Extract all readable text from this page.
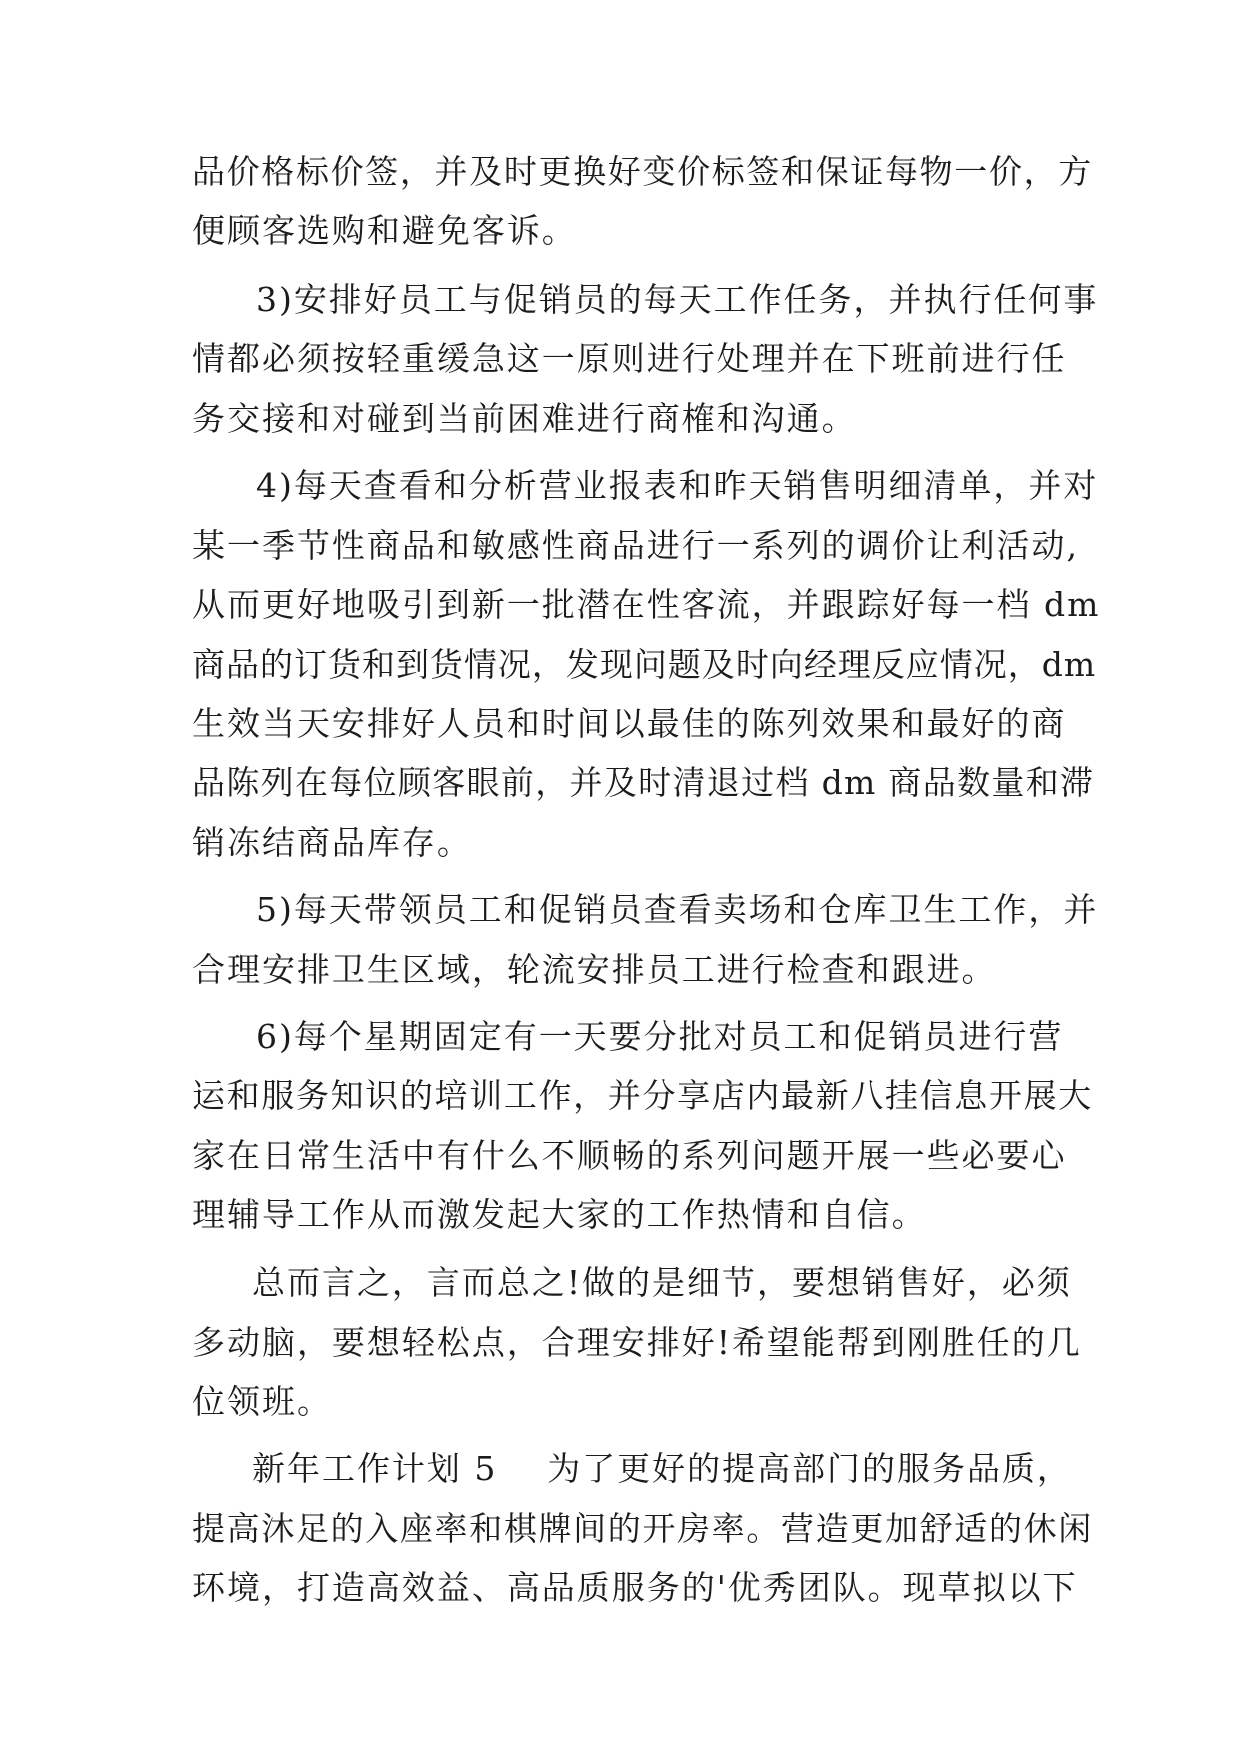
品价格标价签，并及时更换好变价标签和保证每物一价，方
便顾客选购和避免客诉。
3)安排好员工与促销员的每天工作任务，并执行任何事
情都必须按轻重缓急这一原则进行处理并在下班前进行任
务交接和对碰到当前困难进行商榷和沟通。
4)每天查看和分析营业报表和昨天销售明细清单，并对
某一季节性商品和敏感性商品进行一系列的调价让利活动,
从而更好地吸引到新一批潜在性客流，并跟踪好每一档 dm
商品的订货和到货情况，发现问题及时向经理反应情况，dm
生效当天安排好人员和时间以最佳的陈列效果和最好的商
品陈列在每位顾客眼前，并及时清退过档 dm 商品数量和滞
销冻结商品库存。
5)每天带领员工和促销员查看卖场和仓库卫生工作，并
合理安排卫生区域，轮流安排员工进行检查和跟进。
6)每个星期固定有一天要分批对员工和促销员进行营
运和服务知识的培训工作，并分享店内最新八挂信息开展大
家在日常生活中有什么不顺畅的系列问题开展一些必要心
理辅导工作从而激发起大家的工作热情和自信。
总而言之，言而总之!做的是细节，要想销售好，必须
多动脑，要想轻松点，合理安排好!希望能帮到刚胜任的几
位领班。
新年工作计划 5    为了更好的提高部门的服务品质，
提高沐足的入座率和棋牌间的开房率。营造更加舒适的休闲
环境，打造高效益、高品质服务的'优秀团队。现草拟以下
